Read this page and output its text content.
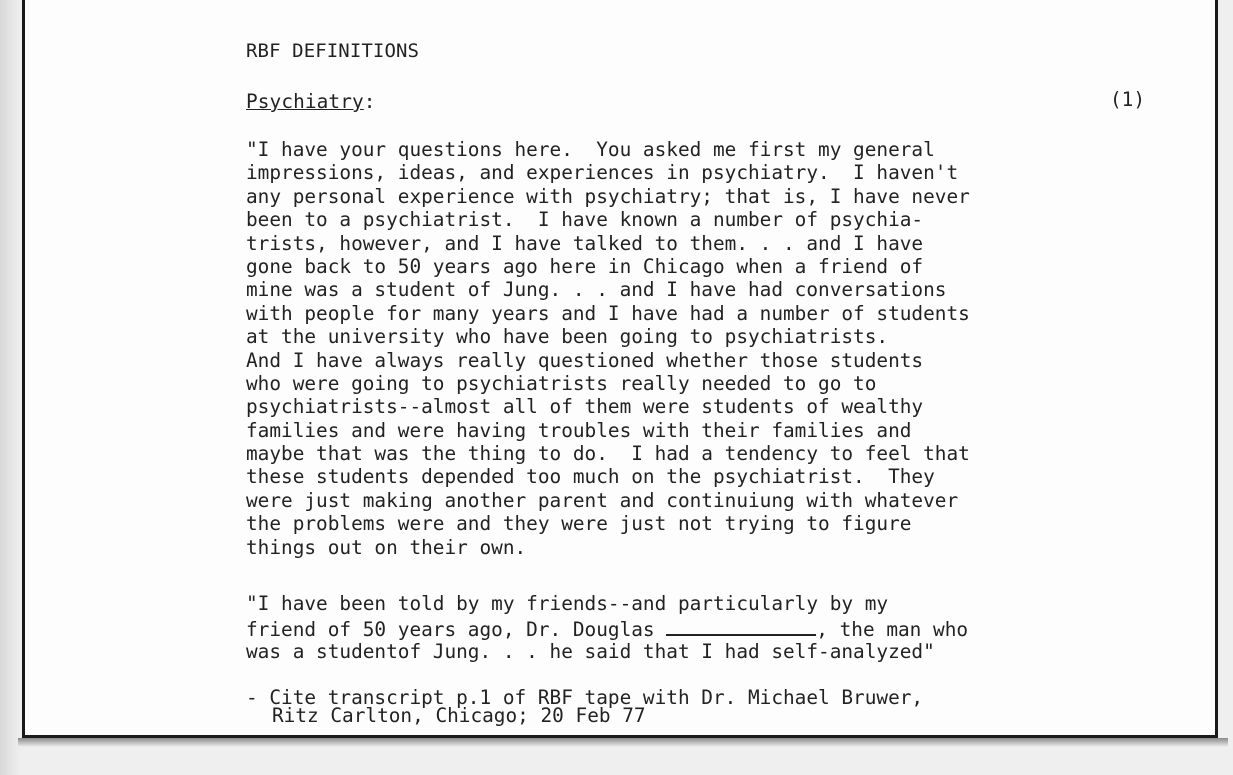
RBF DEFINITIONS
Psychiatry:	(1)
"I have your questions here.  You asked me first my general
impressions, ideas, and experiences in psychiatry.  I haven't
any personal experience with psychiatry; that is, I have never
been to a psychiatrist.  I have known a number of psychia-
trists, however, and I have talked to them. . . and I have
gone back to 50 years ago here in Chicago when a friend of
mine was a student of Jung. . . and I have had conversations
with people for many years and I have had a number of students
at the university who have been going to psychiatrists.
And I have always really questioned whether those students
who were going to psychiatrists really needed to go to
psychiatrists--almost all of them were students of wealthy
families and were having troubles with their families and
maybe that was the thing to do.  I had a tendency to feel that
these students depended too much on the psychiatrist.  They
were just making another parent and continuiung with whatever
the problems were and they were just not trying to figure
things out on their own.
"I have been told by my friends--and particularly by my
friend of 50 years ago, Dr. Douglas	, the man who
was a studentof Jung. . . he said that I had self-analyzed"
- Cite transcript p.1 of RBF tape with Dr. Michael Bruwer,
Ritz Carlton, Chicago; 20 Feb 77
